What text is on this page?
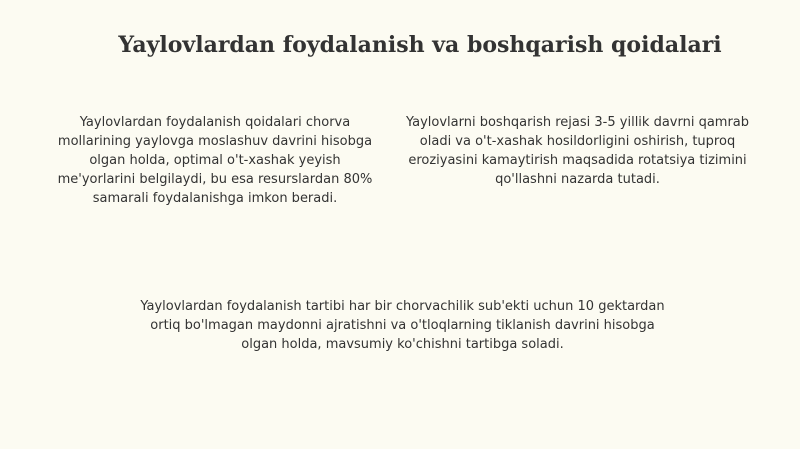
Yaylovlardan foydalanish va boshqarish qoidalari

Yaylovlardan foydalanish qoidalari chorva mollarining yaylovga moslashuv davrini hisobga olgan holda, optimal o't-xashak yeyish me'yorlarini belgilaydi, bu esa resurslardan 80% samarali foydalanishga imkon beradi.

Yaylovlarni boshqarish rejasi 3-5 yillik davrni qamrab oladi va o't-xashak hosildorligini oshirish, tuproq eroziyasini kamaytirish maqsadida rotatsiya tizimini qo'llashni nazarda tutadi.

Yaylovlardan foydalanish tartibi har bir chorvachilik sub'ekti uchun 10 gektardan ortiq bo'lmagan maydonni ajratishni va o'tloqlarning tiklanish davrini hisobga olgan holda, mavsumiy ko'chishni tartibga soladi.
